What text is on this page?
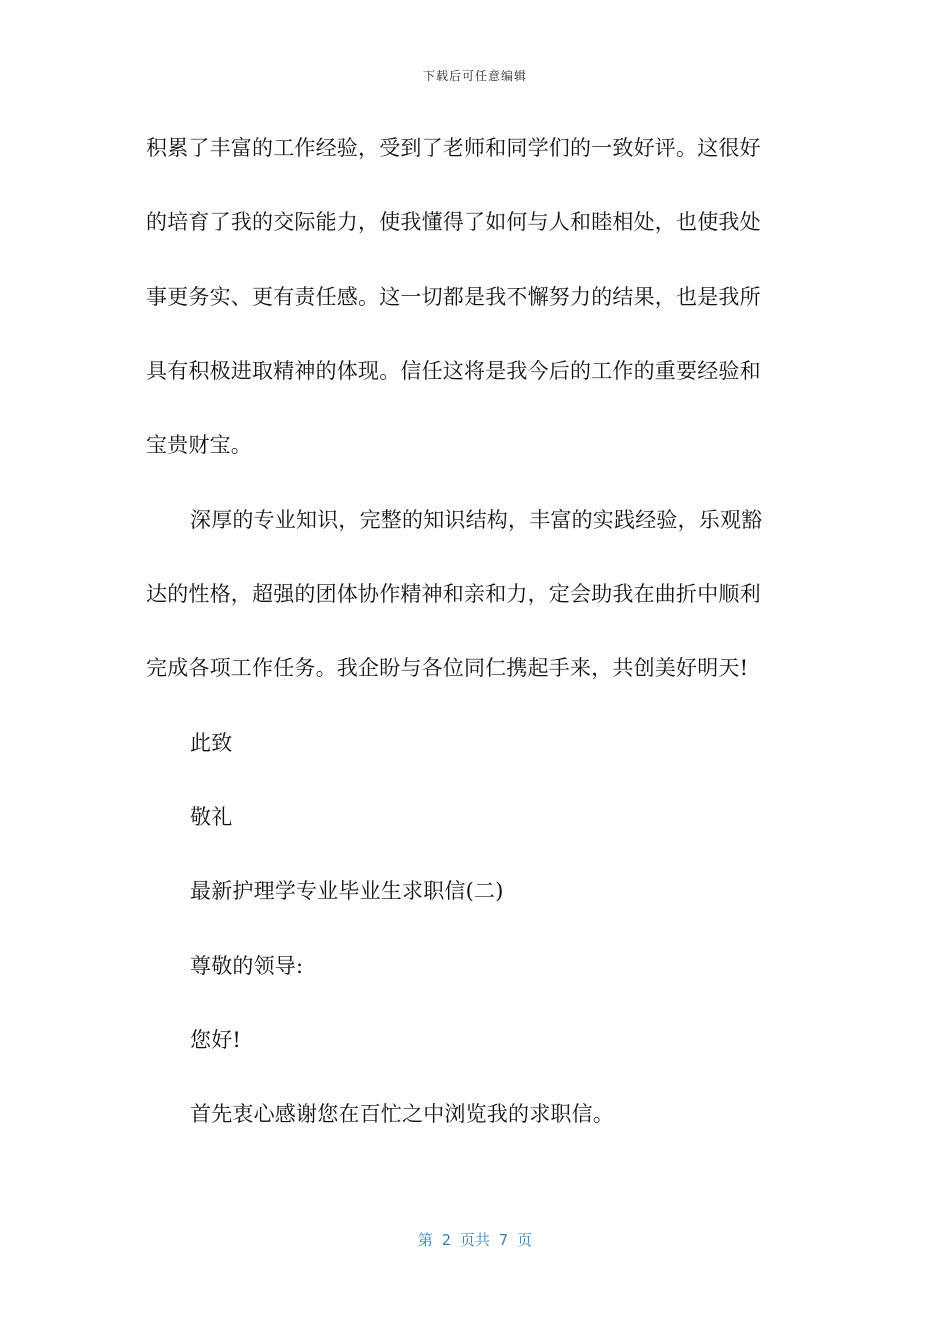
下载后可任意编辑
积累了丰富的工作经验，受到了老师和同学们的一致好评。这很好
的培育了我的交际能力，使我懂得了如何与人和睦相处，也使我处
事更务实、更有责任感。这一切都是我不懈努力的结果，也是我所
具有积极进取精神的体现。信任这将是我今后的工作的重要经验和
宝贵财宝。
深厚的专业知识，完整的知识结构，丰富的实践经验，乐观豁
达的性格，超强的团体协作精神和亲和力，定会助我在曲折中顺利
完成各项工作任务。我企盼与各位同仁携起手来，共创美好明天!
此致
敬礼
最新护理学专业毕业生求职信(二)
尊敬的领导:
您好!
首先衷心感谢您在百忙之中浏览我的求职信。
第 2 页共 7 页
